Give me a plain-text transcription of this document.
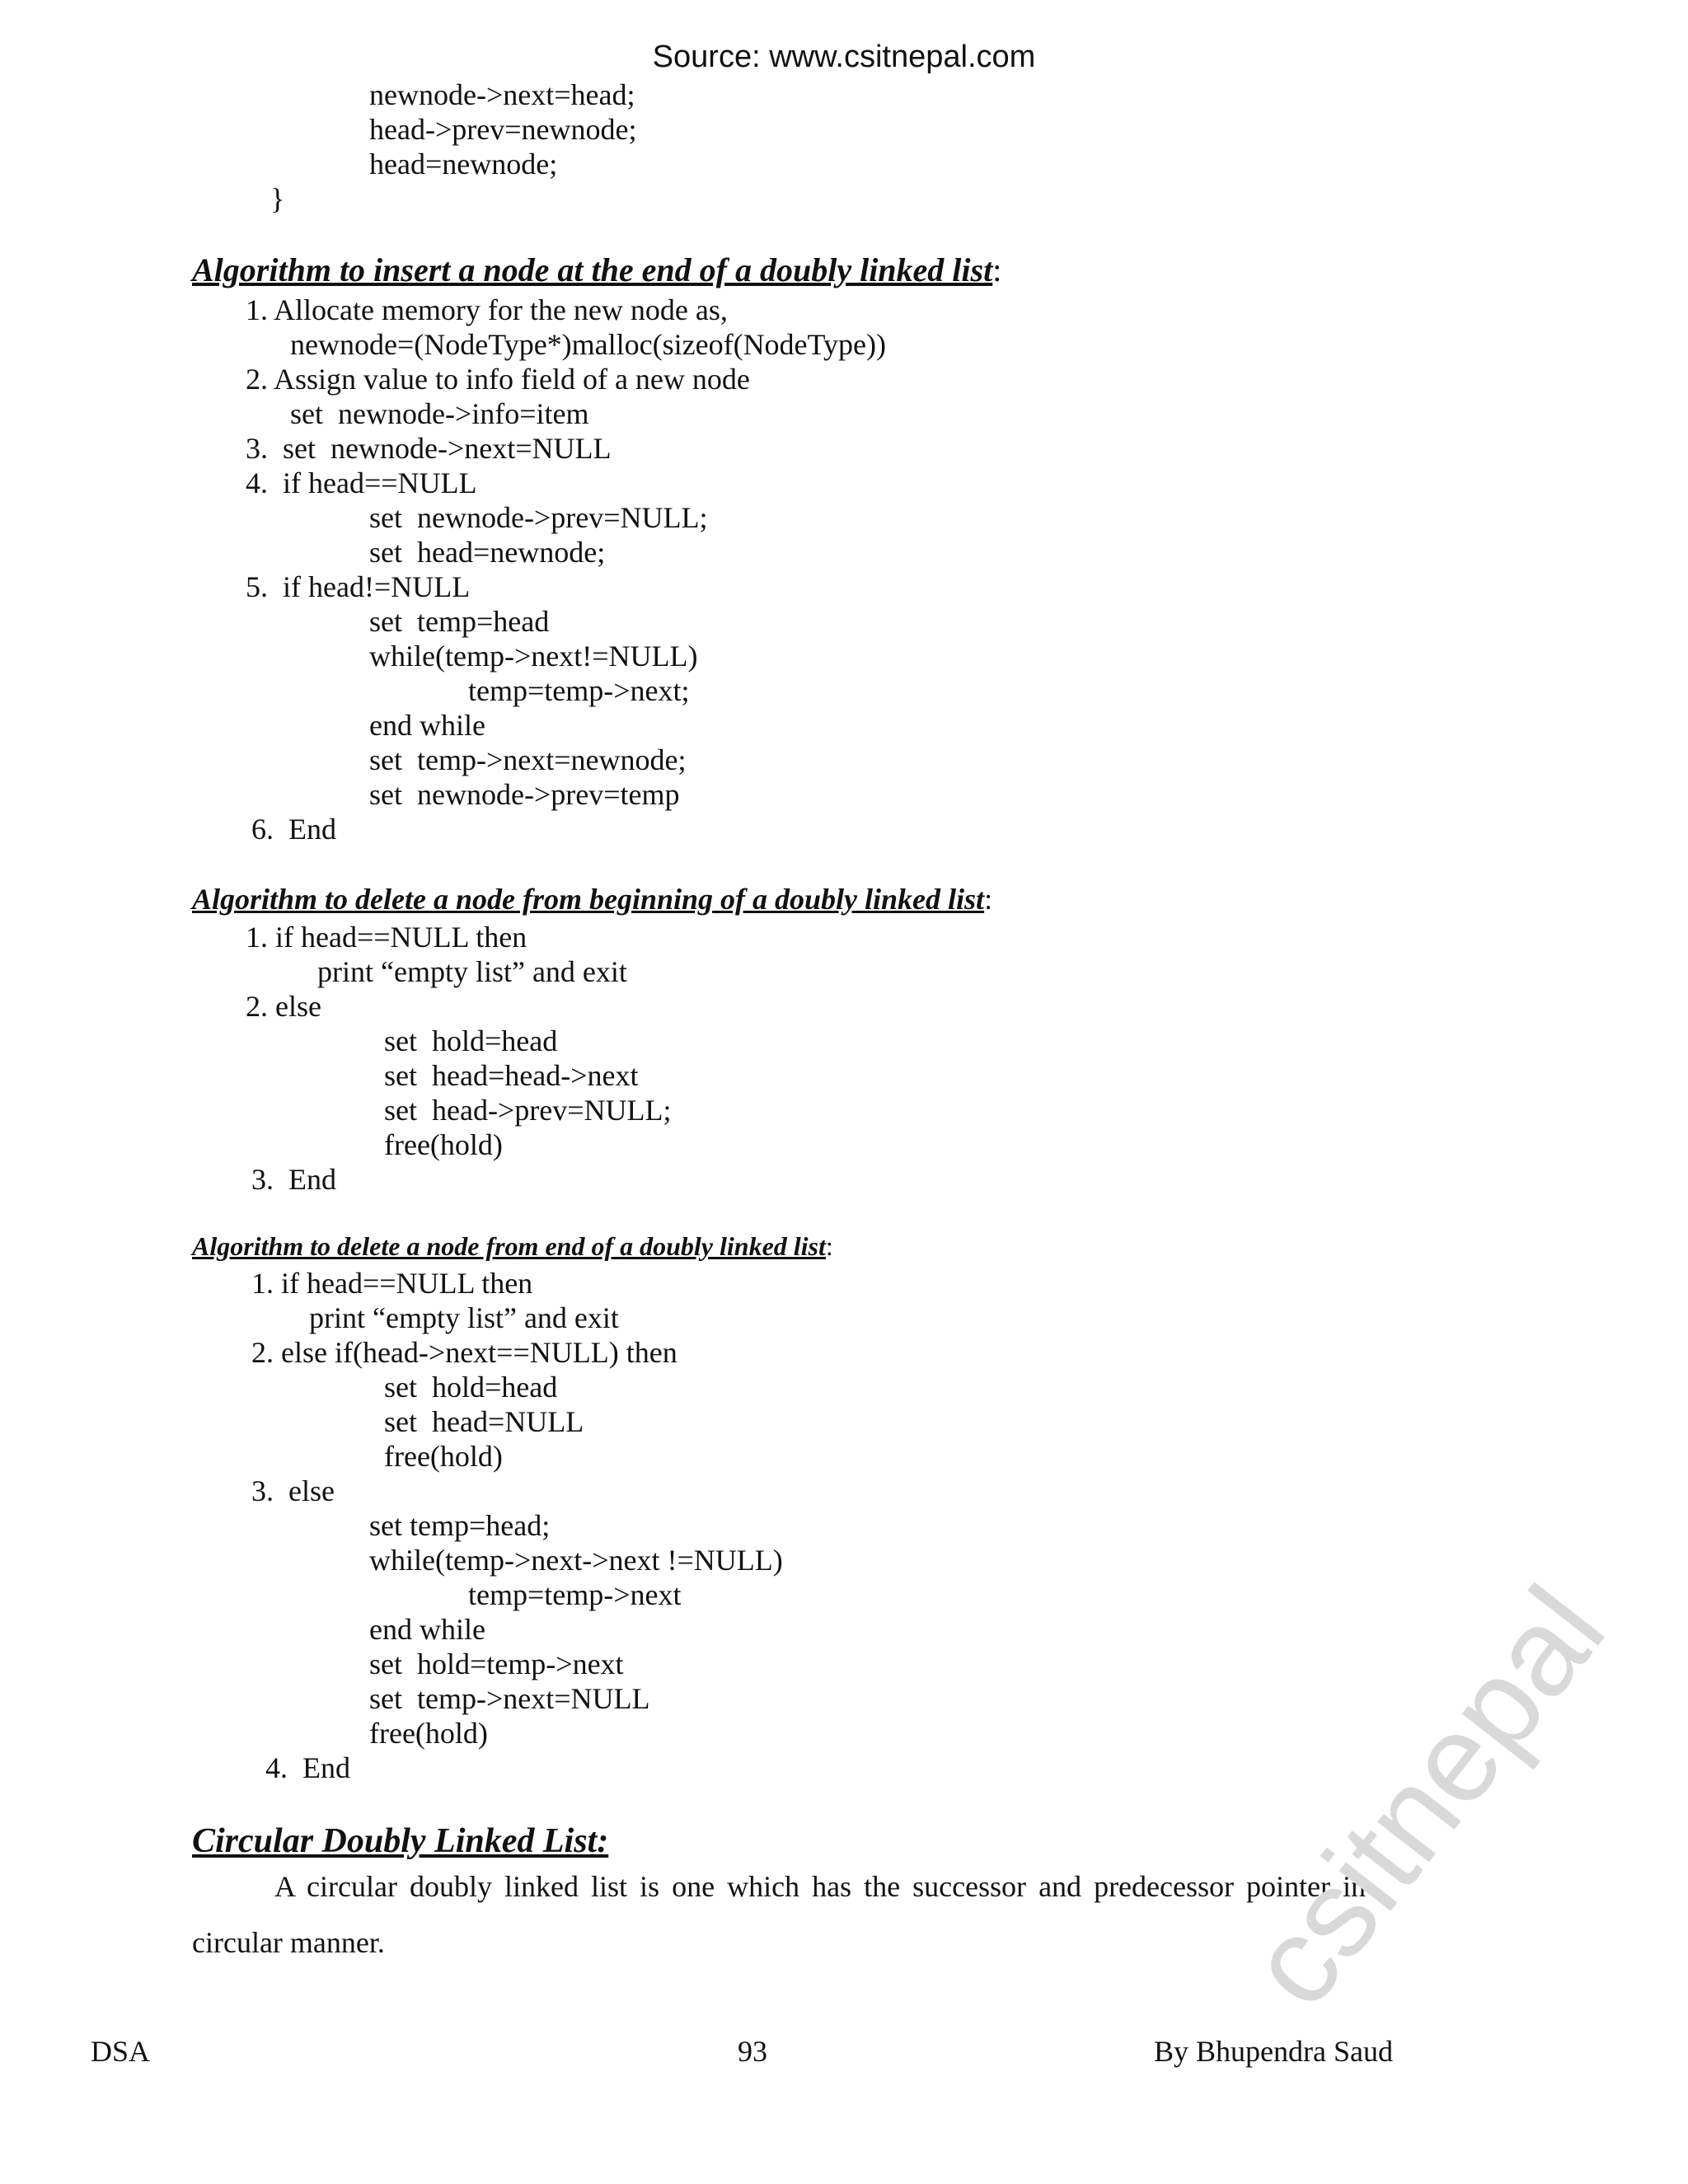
Source: www.csitnepal.com
newnode->next=head;
head->prev=newnode;
head=newnode;
}
Algorithm to insert a node at the end of a doubly linked list:
1. Allocate memory for the new node as,
newnode=(NodeType*)malloc(sizeof(NodeType))
2. Assign value to info field of a new node
set  newnode->info=item
3.  set  newnode->next=NULL
4.  if head==NULL
set  newnode->prev=NULL;
set  head=newnode;
5.  if head!=NULL
set  temp=head
while(temp->next!=NULL)
temp=temp->next;
end while
set  temp->next=newnode;
set  newnode->prev=temp
6.  End
Algorithm to delete a node from beginning of a doubly linked list:
1. if head==NULL then
print “empty list” and exit
2. else
set  hold=head
set  head=head->next
set  head->prev=NULL;
free(hold)
3.  End
Algorithm to delete a node from end of a doubly linked list:
1. if head==NULL then
print “empty list” and exit
2. else if(head->next==NULL) then
set  hold=head
set  head=NULL
free(hold)
3.  else
set temp=head;
while(temp->next->next !=NULL)
temp=temp->next
end while
set  hold=temp->next
set  temp->next=NULL
free(hold)
4.  End
Circular Doubly Linked List:
A circular doubly linked list is one which has the successor and predecessor pointer in circular manner.
DSA	93	By Bhupendra Saud
csitnepal
